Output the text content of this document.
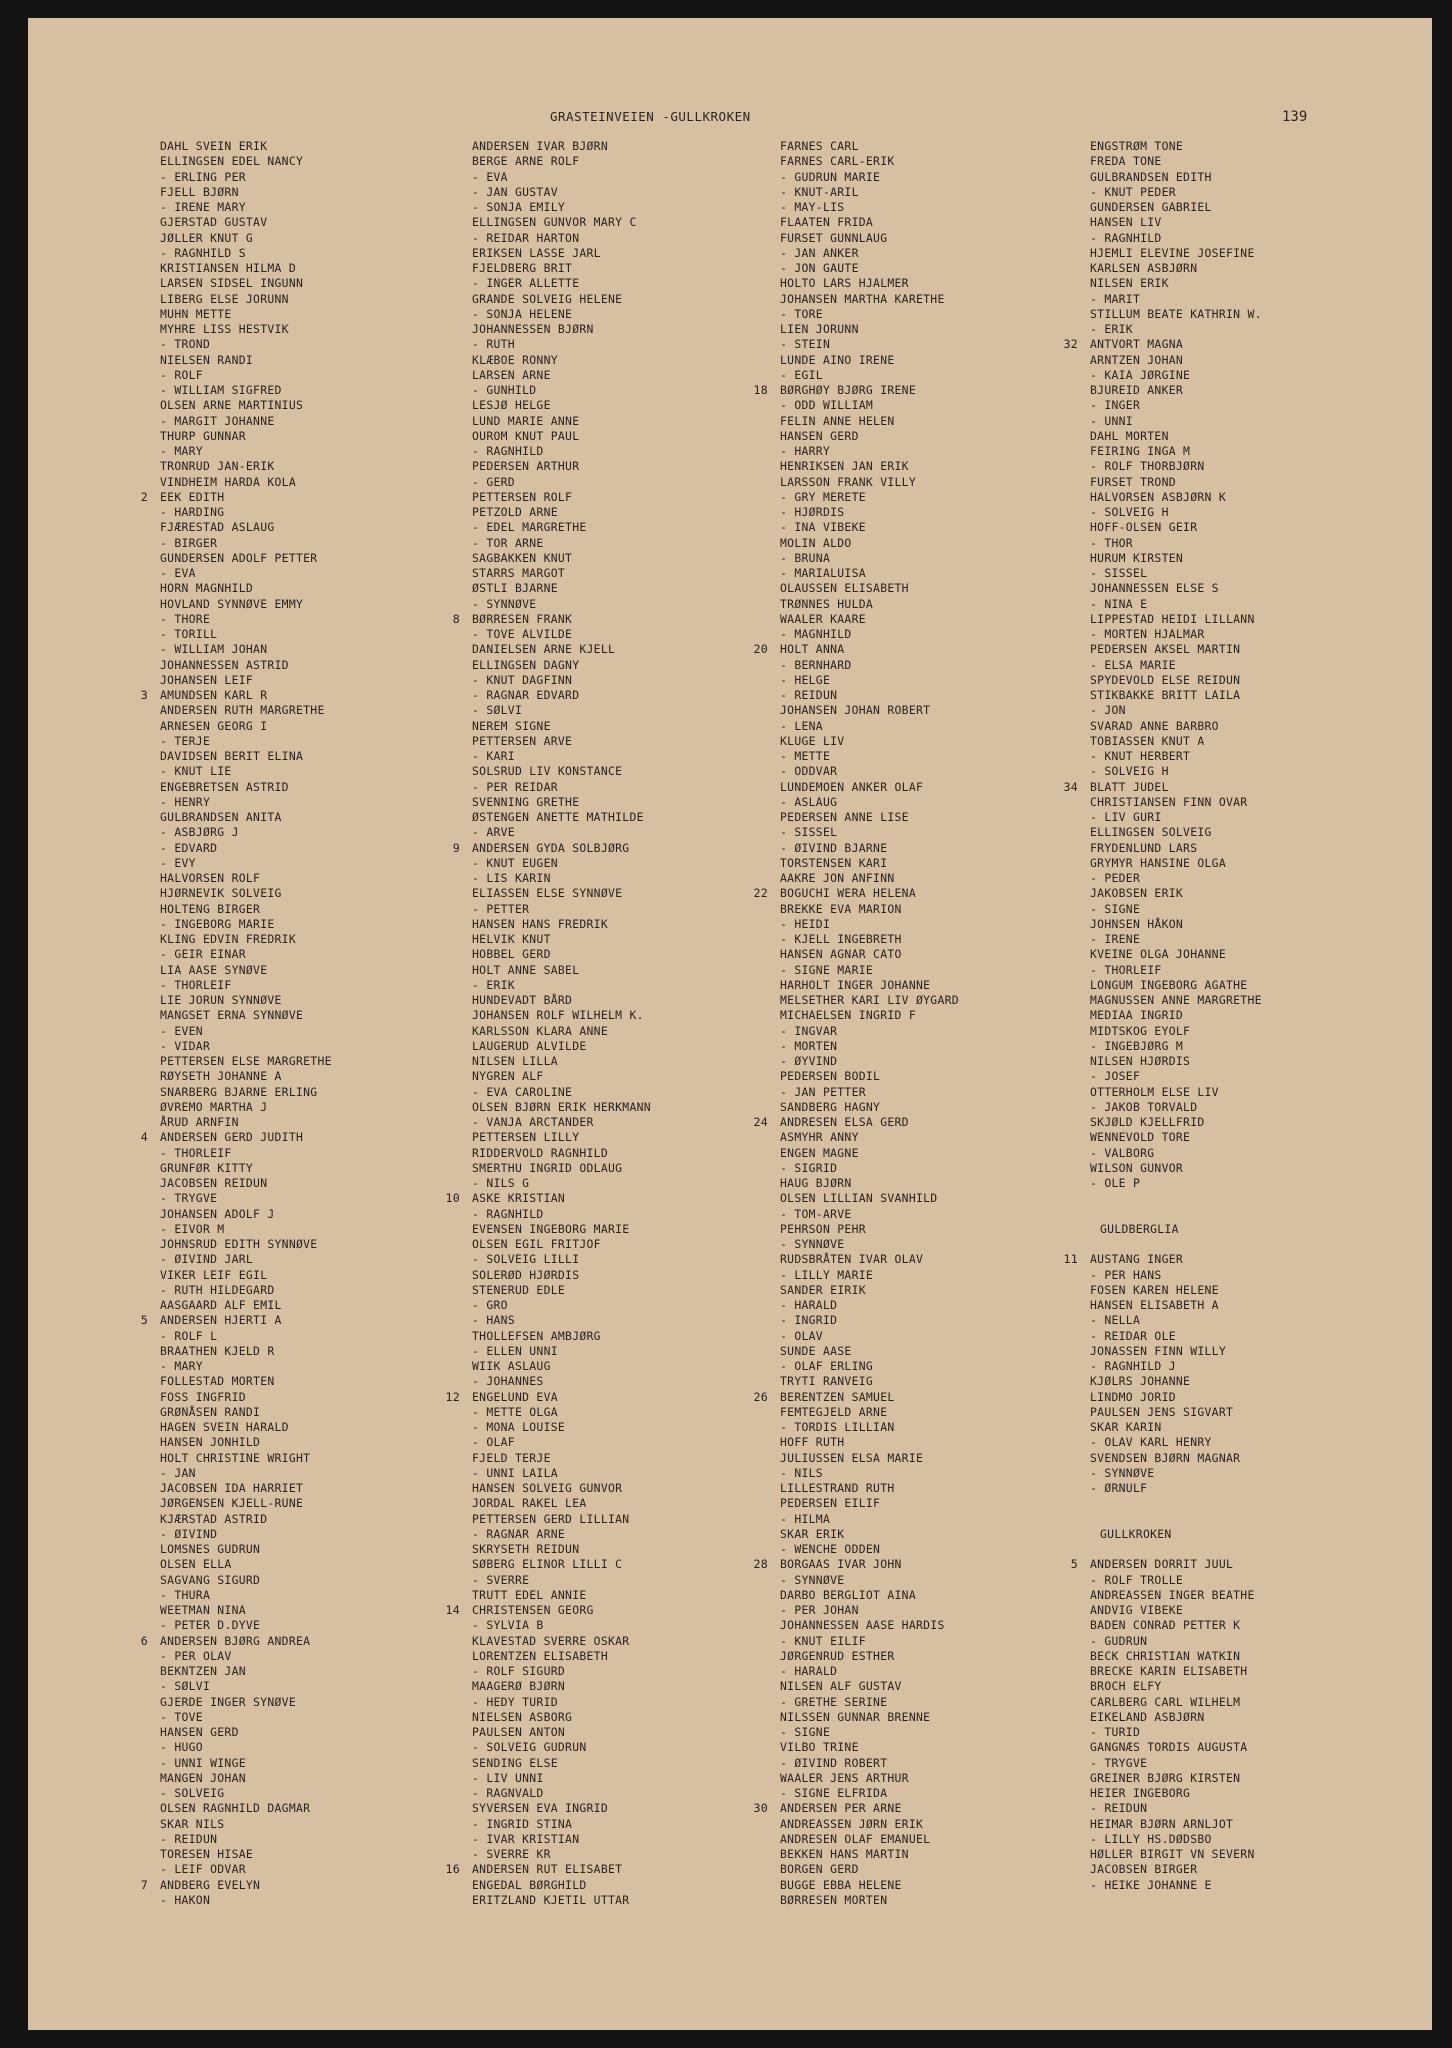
GRASTEINVEIEN -GULLKROKEN	139
DAHL SVEIN ERIK
ELLINGSEN EDEL NANCY
- ERLING PER
FJELL BJØRN
- IRENE MARY
GJERSTAD GUSTAV
JØLLER KNUT G
- RAGNHILD S
KRISTIANSEN HILMA D
LARSEN SIDSEL INGUNN
LIBERG ELSE JORUNN
MUHN METTE
MYHRE LISS HESTVIK
- TROND
NIELSEN RANDI
- ROLF
- WILLIAM SIGFRED
OLSEN ARNE MARTINIUS
- MARGIT JOHANNE
THURP GUNNAR
- MARY
TRONRUD JAN-ERIK
VINDHEIM HARDA KOLA
2 EEK EDITH
- HARDING
FJÆRESTAD ASLAUG
- BIRGER
GUNDERSEN ADOLF PETTER
- EVA
HORN MAGNHILD
HOVLAND SYNNØVE EMMY
- THORE
- TORILL
- WILLIAM JOHAN
JOHANNESSEN ASTRID
JOHANSEN LEIF
3 AMUNDSEN KARL R
ANDERSEN RUTH MARGRETHE
ARNESEN GEORG I
- TERJE
DAVIDSEN BERIT ELINA
- KNUT LIE
ENGEBRETSEN ASTRID
- HENRY
GULBRANDSEN ANITA
- ASBJØRG J
- EDVARD
- EVY
HALVORSEN ROLF
HJØRNEVIK SOLVEIG
HOLTENG BIRGER
- INGEBORG MARIE
KLING EDVIN FREDRIK
- GEIR EINAR
LIA AASE SYNØVE
- THORLEIF
LIE JORUN SYNNØVE
MANGSET ERNA SYNNØVE
- EVEN
- VIDAR
PETTERSEN ELSE MARGRETHE
RØYSETH JOHANNE A
SNARBERG BJARNE ERLING
ØVREMO MARTHA J
ÅRUD ARNFIN
4 ANDERSEN GERD JUDITH
- THORLEIF
GRUNFØR KITTY
JACOBSEN REIDUN
- TRYGVE
JOHANSEN ADOLF J
- EIVOR M
JOHNSRUD EDITH SYNNØVE
- ØIVIND JARL
VIKER LEIF EGIL
- RUTH HILDEGARD
AASGAARD ALF EMIL
5 ANDERSEN HJERTI A
- ROLF L
BRAATHEN KJELD R
- MARY
FOLLESTAD MORTEN
FOSS INGFRID
GRØNÅSEN RANDI
HAGEN SVEIN HARALD
HANSEN JONHILD
HOLT CHRISTINE WRIGHT
- JAN
JACOBSEN IDA HARRIET
JØRGENSEN KJELL-RUNE
KJÆRSTAD ASTRID
- ØIVIND
LOMSNES GUDRUN
OLSEN ELLA
SAGVANG SIGURD
- THURA
WEETMAN NINA
- PETER D.DYVE
6 ANDERSEN BJØRG ANDREA
- PER OLAV
BEKNTZEN JAN
- SØLVI
GJERDE INGER SYNØVE
- TOVE
HANSEN GERD
- HUGO
- UNNI WINGE
MANGEN JOHAN
- SOLVEIG
OLSEN RAGNHILD DAGMAR
SKAR NILS
- REIDUN
TORESEN HISAE
- LEIF ODVAR
7 ANDBERG EVELYN
- HAKON
ANDERSEN IVAR BJØRN
BERGE ARNE ROLF
- EVA
- JAN GUSTAV
- SONJA EMILY
ELLINGSEN GUNVOR MARY C
- REIDAR HARTON
ERIKSEN LASSE JARL
FJELDBERG BRIT
- INGER ALLETTE
GRANDE SOLVEIG HELENE
- SONJA HELENE
JOHANNESSEN BJØRN
- RUTH
KLÆBOE RONNY
LARSEN ARNE
- GUNHILD
LESJØ HELGE
LUND MARIE ANNE
OUROM KNUT PAUL
- RAGNHILD
PEDERSEN ARTHUR
- GERD
PETTERSEN ROLF
PETZOLD ARNE
- EDEL MARGRETHE
- TOR ARNE
SAGBAKKEN KNUT
STARRS MARGOT
ØSTLI BJARNE
- SYNNØVE
8 BØRRESEN FRANK
- TOVE ALVILDE
DANIELSEN ARNE KJELL
ELLINGSEN DAGNY
- KNUT DAGFINN
- RAGNAR EDVARD
- SØLVI
NEREM SIGNE
PETTERSEN ARVE
- KARI
SOLSRUD LIV KONSTANCE
- PER REIDAR
SVENNING GRETHE
ØSTENGEN ANETTE MATHILDE
- ARVE
9 ANDERSEN GYDA SOLBJØRG
- KNUT EUGEN
- LIS KARIN
ELIASSEN ELSE SYNNØVE
- PETTER
HANSEN HANS FREDRIK
HELVIK KNUT
HOBBEL GERD
HOLT ANNE SABEL
- ERIK
HUNDEVADT BÅRD
JOHANSEN ROLF WILHELM K.
KARLSSON KLARA ANNE
LAUGERUD ALVILDE
NILSEN LILLA
NYGREN ALF
- EVA CAROLINE
OLSEN BJØRN ERIK HERKMANN
- VANJA ARCTANDER
PETTERSEN LILLY
RIDDERVOLD RAGNHILD
SMERTHU INGRID ODLAUG
- NILS G
10 ASKE KRISTIAN
- RAGNHILD
EVENSEN INGEBORG MARIE
OLSEN EGIL FRITJOF
- SOLVEIG LILLI
SOLERØD HJØRDIS
STENERUD EDLE
- GRO
- HANS
THOLLEFSEN AMBJØRG
- ELLEN UNNI
WIIK ASLAUG
- JOHANNES
12 ENGELUND EVA
- METTE OLGA
- MONA LOUISE
- OLAF
FJELD TERJE
- UNNI LAILA
HANSEN SOLVEIG GUNVOR
JORDAL RAKEL LEA
PETTERSEN GERD LILLIAN
- RAGNAR ARNE
SKRYSETH REIDUN
SØBERG ELINOR LILLI C
- SVERRE
TRUTT EDEL ANNIE
14 CHRISTENSEN GEORG
- SYLVIA B
KLAVESTAD SVERRE OSKAR
LORENTZEN ELISABETH
- ROLF SIGURD
MAAGERØ BJØRN
- HEDY TURID
NIELSEN ASBORG
PAULSEN ANTON
- SOLVEIG GUDRUN
SENDING ELSE
- LIV UNNI
- RAGNVALD
SYVERSEN EVA INGRID
- INGRID STINA
- IVAR KRISTIAN
- SVERRE KR
16 ANDERSEN RUT ELISABET
ENGEDAL BØRGHILD
ERITZLAND KJETIL UTTAR
FARNES CARL
FARNES CARL-ERIK
- GUDRUN MARIE
- KNUT-ARIL
- MAY-LIS
FLAATEN FRIDA
FURSET GUNNLAUG
- JAN ANKER
- JON GAUTE
HOLTO LARS HJALMER
JOHANSEN MARTHA KARETHE
- TORE
LIEN JORUNN
- STEIN
LUNDE AINO IRENE
- EGIL
18 BØRGHØY BJØRG IRENE
- ODD WILLIAM
FELIN ANNE HELEN
HANSEN GERD
- HARRY
HENRIKSEN JAN ERIK
LARSSON FRANK VILLY
- GRY MERETE
- HJØRDIS
- INA VIBEKE
MOLIN ALDO
- BRUNA
- MARIALUISA
OLAUSSEN ELISABETH
TRØNNES HULDA
WAALER KAARE
- MAGNHILD
20 HOLT ANNA
- BERNHARD
- HELGE
- REIDUN
JOHANSEN JOHAN ROBERT
- LENA
KLUGE LIV
- METTE
- ODDVAR
LUNDEMOEN ANKER OLAF
- ASLAUG
PEDERSEN ANNE LISE
- SISSEL
- ØIVIND BJARNE
TORSTENSEN KARI
AAKRE JON ANFINN
22 BOGUCHI WERA HELENA
BREKKE EVA MARION
- HEIDI
- KJELL INGEBRETH
HANSEN AGNAR CATO
- SIGNE MARIE
HARHOLT INGER JOHANNE
MELSETHER KARI LIV ØYGARD
MICHAELSEN INGRID F
- INGVAR
- MORTEN
- ØYVIND
PEDERSEN BODIL
- JAN PETTER
SANDBERG HAGNY
24 ANDRESEN ELSA GERD
ASMYHR ANNY
ENGEN MAGNE
- SIGRID
HAUG BJØRN
OLSEN LILLIAN SVANHILD
- TOM-ARVE
PEHRSON PEHR
- SYNNØVE
RUDSBRÅTEN IVAR OLAV
- LILLY MARIE
SANDER EIRIK
- HARALD
- INGRID
- OLAV
SUNDE AASE
- OLAF ERLING
TRYTI RANVEIG
26 BERENTZEN SAMUEL
FEMTEGJELD ARNE
- TORDIS LILLIAN
HOFF RUTH
JULIUSSEN ELSA MARIE
- NILS
LILLESTRAND RUTH
PEDERSEN EILIF
- HILMA
SKAR ERIK
- WENCHE ODDEN
28 BORGAAS IVAR JOHN
- SYNNØVE
DARBO BERGLIOT AINA
- PER JOHAN
JOHANNESSEN AASE HARDIS
- KNUT EILIF
JØRGENRUD ESTHER
- HARALD
NILSEN ALF GUSTAV
- GRETHE SERINE
NILSSEN GUNNAR BRENNE
- SIGNE
VILBO TRINE
- ØIVIND ROBERT
WAALER JENS ARTHUR
- SIGNE ELFRIDA
30 ANDERSEN PER ARNE
ANDREASSEN JØRN ERIK
ANDRESEN OLAF EMANUEL
BEKKEN HANS MARTIN
BORGEN GERD
BUGGE EBBA HELENE
BØRRESEN MORTEN
ENGSTRØM TONE
FREDA TONE
GULBRANDSEN EDITH
- KNUT PEDER
GUNDERSEN GABRIEL
HANSEN LIV
- RAGNHILD
HJEMLI ELEVINE JOSEFINE
KARLSEN ASBJØRN
NILSEN ERIK
- MARIT
STILLUM BEATE KATHRIN W.
- ERIK
32 ANTVORT MAGNA
ARNTZEN JOHAN
- KAIA JØRGINE
BJUREID ANKER
- INGER
- UNNI
DAHL MORTEN
FEIRING INGA M
- ROLF THORBJØRN
FURSET TROND
HALVORSEN ASBJØRN K
- SOLVEIG H
HOFF-OLSEN GEIR
- THOR
HURUM KIRSTEN
- SISSEL
JOHANNESSEN ELSE S
- NINA E
LIPPESTAD HEIDI LILLANN
- MORTEN HJALMAR
PEDERSEN AKSEL MARTIN
- ELSA MARIE
SPYDEVOLD ELSE REIDUN
STIKBAKKE BRITT LAILA
- JON
SVARAD ANNE BARBRO
TOBIASSEN KNUT A
- KNUT HERBERT
- SOLVEIG H
34 BLATT JUDEL
CHRISTIANSEN FINN OVAR
- LIV GURI
ELLINGSEN SOLVEIG
FRYDENLUND LARS
GRYMYR HANSINE OLGA
- PEDER
JAKOBSEN ERIK
- SIGNE
JOHNSEN HÅKON
- IRENE
KVEINE OLGA JOHANNE
- THORLEIF
LONGUM INGEBORG AGATHE
MAGNUSSEN ANNE MARGRETHE
MEDIAA INGRID
MIDTSKOG EYOLF
- INGEBJØRG M
NILSEN HJØRDIS
- JOSEF
OTTERHOLM ELSE LIV
- JAKOB TORVALD
SKJØLD KJELLFRID
WENNEVOLD TORE
- VALBORG
WILSON GUNVOR
- OLE P
GULDBERGLIA
11 AUSTANG INGER
- PER HANS
FOSEN KAREN HELENE
HANSEN ELISABETH A
- NELLA
- REIDAR OLE
JONASSEN FINN WILLY
- RAGNHILD J
KJØLRS JOHANNE
LINDMO JORID
PAULSEN JENS SIGVART
SKAR KARIN
- OLAV KARL HENRY
SVENDSEN BJØRN MAGNAR
- SYNNØVE
- ØRNULF
GULLKROKEN
5 ANDERSEN DORRIT JUUL
- ROLF TROLLE
ANDREASSEN INGER BEATHE
ANDVIG VIBEKE
BADEN CONRAD PETTER K
- GUDRUN
BECK CHRISTIAN WATKIN
BRECKE KARIN ELISABETH
BROCH ELFY
CARLBERG CARL WILHELM
EIKELAND ASBJØRN
- TURID
GANGNÆS TORDIS AUGUSTA
- TRYGVE
GREINER BJØRG KIRSTEN
HEIER INGEBORG
- REIDUN
HEIMAR BJØRN ARNLJOT
- LILLY HS.DØDSBO
HØLLER BIRGIT VN SEVERN
JACOBSEN BIRGER
- HEIKE JOHANNE E
